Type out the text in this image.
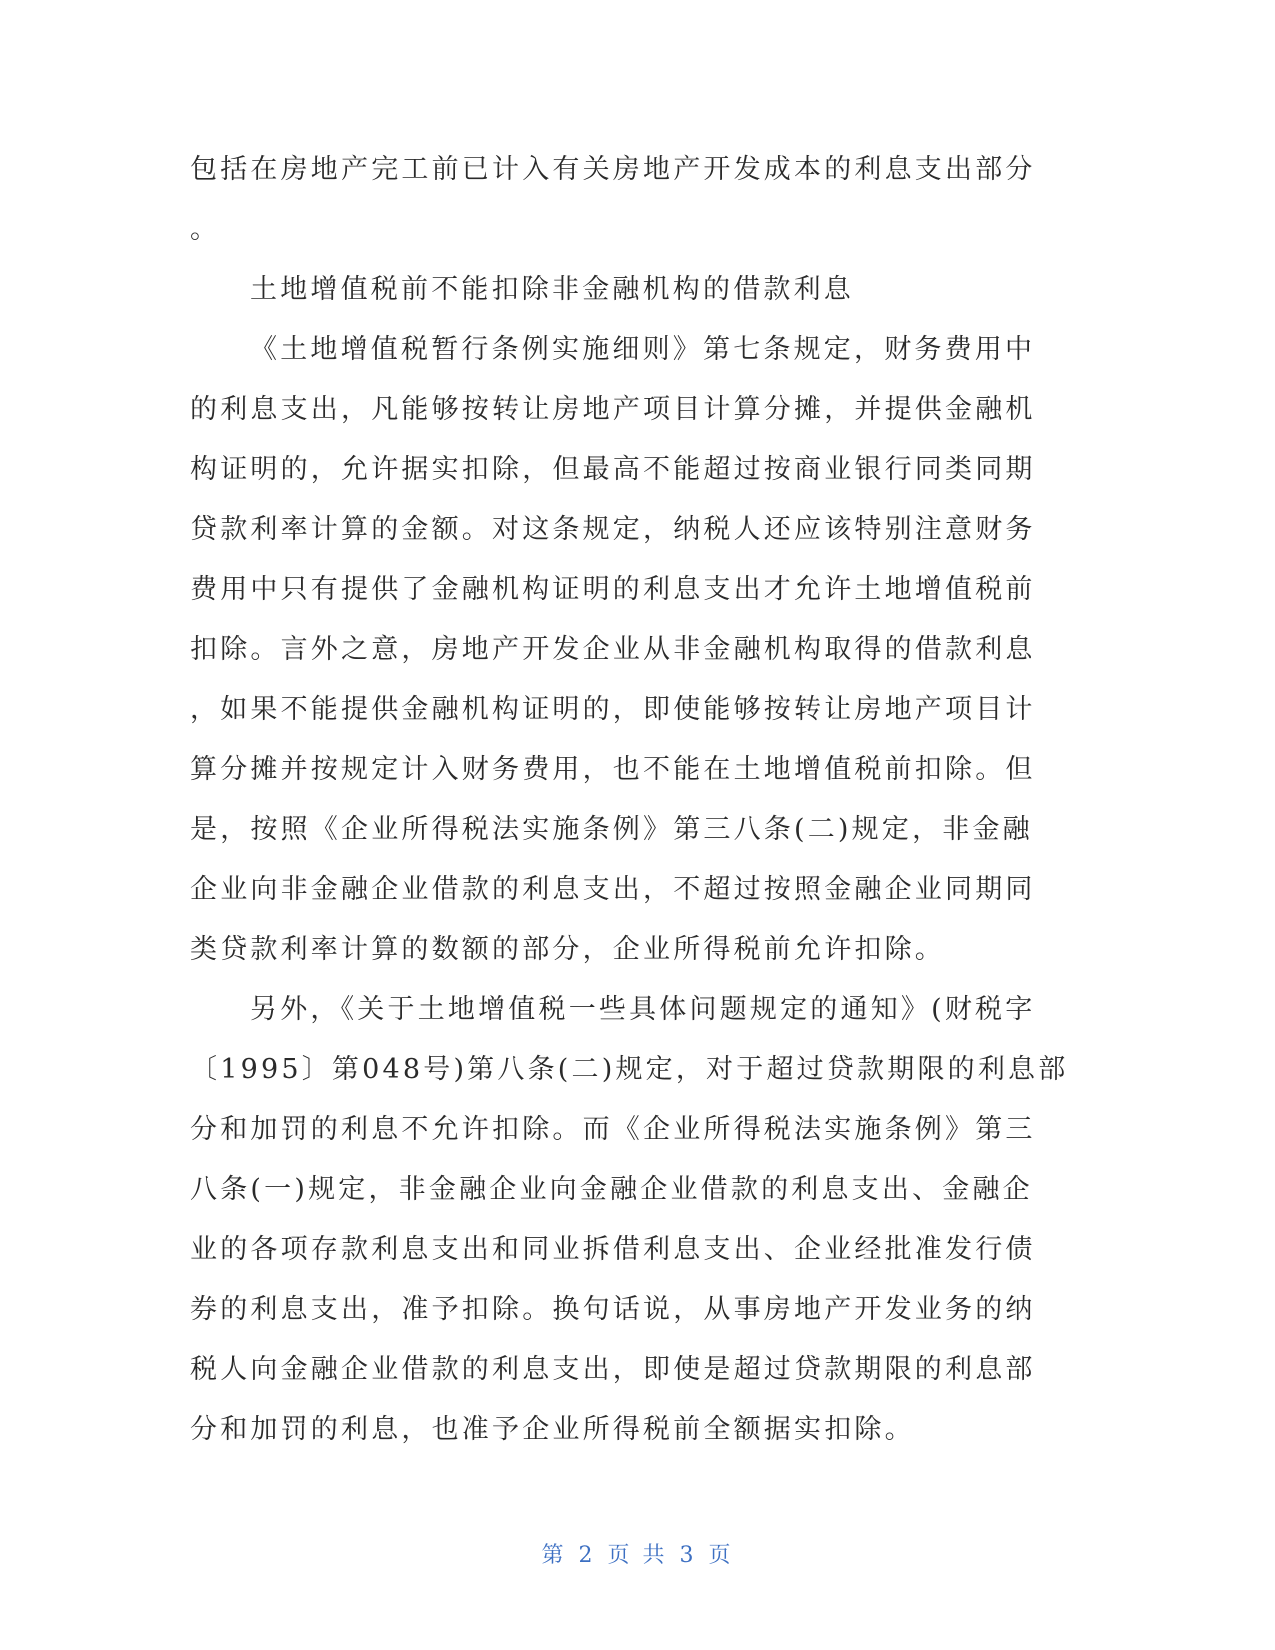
包括在房地产完工前已计入有关房地产开发成本的利息支出部分
。
土地增值税前不能扣除非金融机构的借款利息
《土地增值税暂行条例实施细则》第七条规定，财务费用中
的利息支出，凡能够按转让房地产项目计算分摊，并提供金融机
构证明的，允许据实扣除，但最高不能超过按商业银行同类同期
贷款利率计算的金额。对这条规定，纳税人还应该特别注意财务
费用中只有提供了金融机构证明的利息支出才允许土地增值税前
扣除。言外之意，房地产开发企业从非金融机构取得的借款利息
，如果不能提供金融机构证明的，即使能够按转让房地产项目计
算分摊并按规定计入财务费用，也不能在土地增值税前扣除。但
是，按照《企业所得税法实施条例》第三八条(二)规定，非金融
企业向非金融企业借款的利息支出，不超过按照金融企业同期同
类贷款利率计算的数额的部分，企业所得税前允许扣除。
另外，《关于土地增值税一些具体问题规定的通知》(财税字
〔1995〕第048号)第八条(二)规定，对于超过贷款期限的利息部
分和加罚的利息不允许扣除。而《企业所得税法实施条例》第三
八条(一)规定，非金融企业向金融企业借款的利息支出、金融企
业的各项存款利息支出和同业拆借利息支出、企业经批准发行债
券的利息支出，准予扣除。换句话说，从事房地产开发业务的纳
税人向金融企业借款的利息支出，即使是超过贷款期限的利息部
分和加罚的利息，也准予企业所得税前全额据实扣除。
第 2 页 共 3 页
